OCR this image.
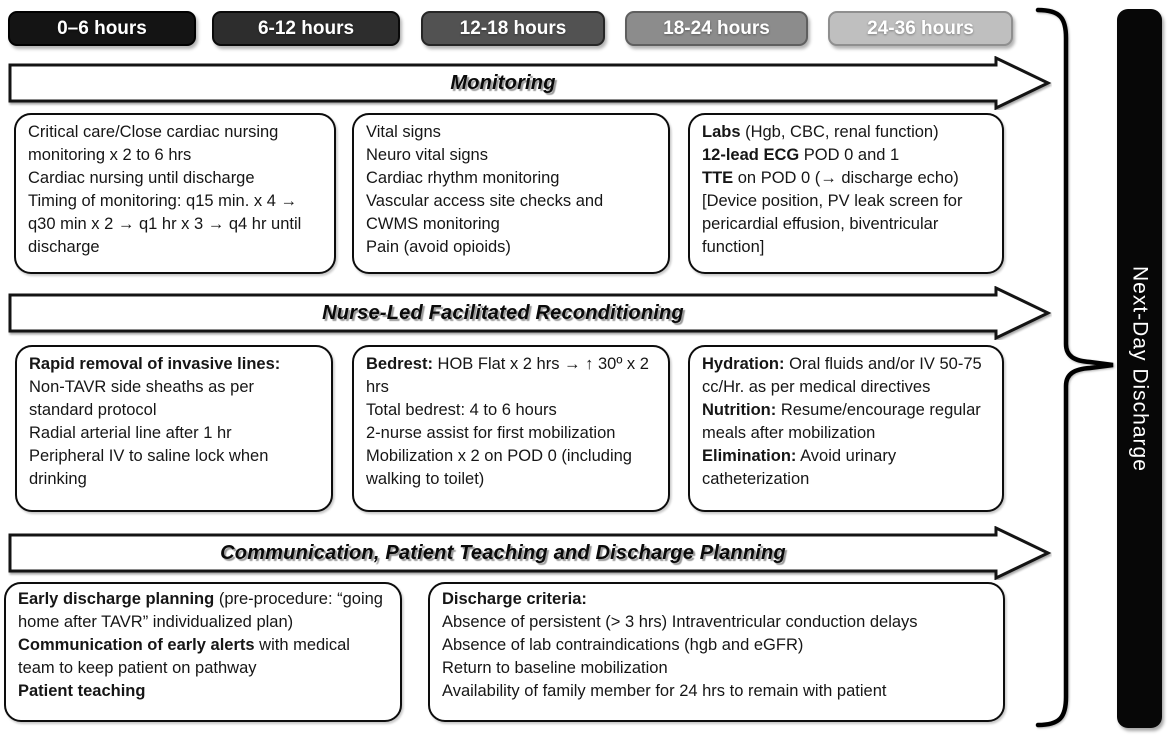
0–6 hours	6-12 hours	12-18 hours	18-24 hours	24-36 hours
Monitoring
Critical care/Close cardiac nursing monitoring x 2 to 6 hrs
Cardiac nursing until discharge
Timing of monitoring: q15 min. x 4 → q30 min x 2 → q1 hr x 3 → q4 hr until discharge
Vital signs
Neuro vital signs
Cardiac rhythm monitoring
Vascular access site checks and CWMS monitoring
Pain (avoid opioids)
Labs (Hgb, CBC, renal function)
12-lead ECG POD 0 and 1
TTE on POD 0 (→ discharge echo) [Device position, PV leak screen for pericardial effusion, biventricular function]
Nurse-Led Facilitated Reconditioning
Rapid removal of invasive lines:
Non-TAVR side sheaths as per standard protocol
Radial arterial line after 1 hr
Peripheral IV to saline lock when drinking
Bedrest: HOB Flat x 2 hrs → ↑ 30º x 2 hrs
Total bedrest: 4 to 6 hours
2-nurse assist for first mobilization
Mobilization x 2 on POD 0 (including walking to toilet)
Hydration: Oral fluids and/or IV 50-75 cc/Hr. as per medical directives
Nutrition: Resume/encourage regular meals after mobilization
Elimination: Avoid urinary catheterization
Communication, Patient Teaching and Discharge Planning
Early discharge planning (pre-procedure: “going home after TAVR” individualized plan)
Communication of early alerts with medical team to keep patient on pathway
Patient teaching
Discharge criteria:
Absence of persistent (> 3 hrs) Intraventricular conduction delays
Absence of lab contraindications (hgb and eGFR)
Return to baseline mobilization
Availability of family member for 24 hrs to remain with patient
Next-Day Discharge
